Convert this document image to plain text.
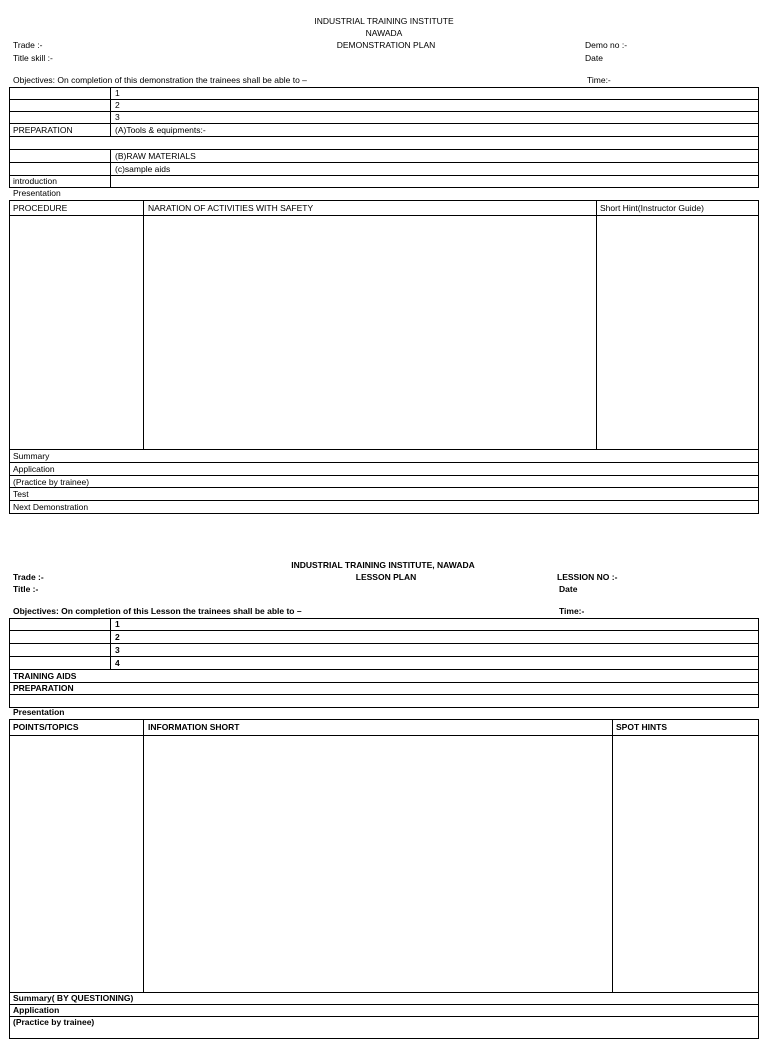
INDUSTRIAL TRAINING INSTITUTE
NAWADA
DEMONSTRATION PLAN
Trade :-
Title skill :-
Demo no :-
Date
Objectives: On completion of this demonstration the trainees shall be able to –	Time:-
1
2
3
PREPARATION	(A)Tools & equipments:-
(B)RAW MATERIALS
(c)sample aids
introduction
Presentation
PROCEDURE	NARATION OF ACTIVITIES WITH SAFETY	Short Hint(Instructor Guide)
Summary
Application
(Practice by trainee)
Test
Next Demonstration
INDUSTRIAL TRAINING INSTITUTE, NAWADA
LESSON PLAN
Trade :-
Title :-
LESSION NO :-
Date
Objectives: On completion of this Lesson the trainees shall be able to –	Time:-
1
2
3
4
TRAINING AIDS
PREPARATION
Presentation
POINTS/TOPICS	INFORMATION SHORT	SPOT HINTS
Summary( BY QUESTIONING)
Application
(Practice by trainee)
